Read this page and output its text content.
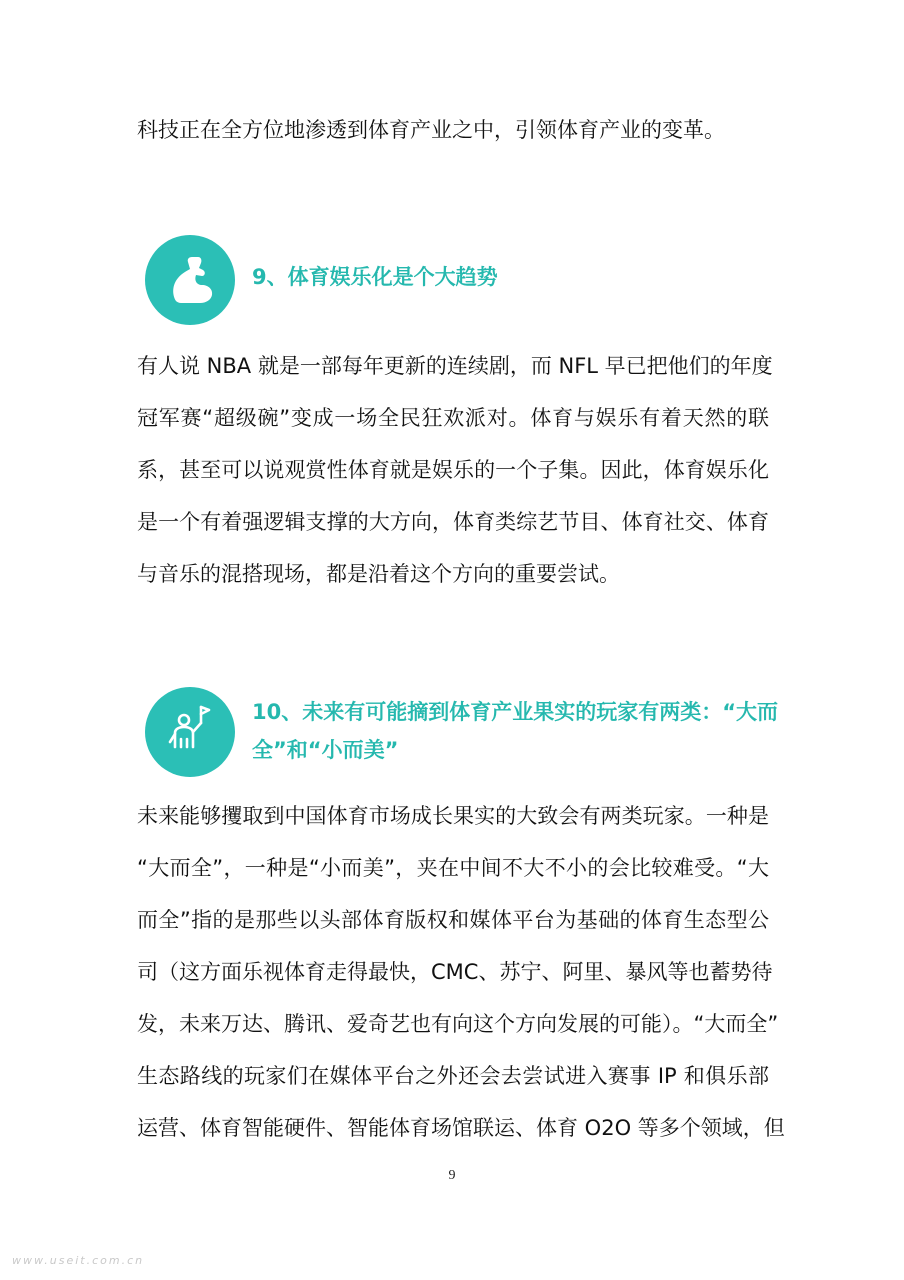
科技正在全方位地渗透到体育产业之中，引领体育产业的变革。

9、体育娱乐化是个大趋势

有人说 NBA 就是一部每年更新的连续剧，而 NFL 早已把他们的年度
冠军赛“超级碗”变成一场全民狂欢派对。体育与娱乐有着天然的联
系，甚至可以说观赏性体育就是娱乐的一个子集。因此，体育娱乐化
是一个有着强逻辑支撑的大方向，体育类综艺节目、体育社交、体育
与音乐的混搭现场，都是沿着这个方向的重要尝试。

10、未来有可能摘到体育产业果实的玩家有两类：“大而
全”和“小而美”

未来能够攫取到中国体育市场成长果实的大致会有两类玩家。一种是
“大而全”，一种是“小而美”，夹在中间不大不小的会比较难受。“大
而全”指的是那些以头部体育版权和媒体平台为基础的体育生态型公
司（这方面乐视体育走得最快，CMC、苏宁、阿里、暴风等也蓄势待
发，未来万达、腾讯、爱奇艺也有向这个方向发展的可能）。“大而全”
生态路线的玩家们在媒体平台之外还会去尝试进入赛事 IP 和俱乐部
运营、体育智能硬件、智能体育场馆联运、体育 O2O 等多个领域，但

9
www.useit.com.cn
